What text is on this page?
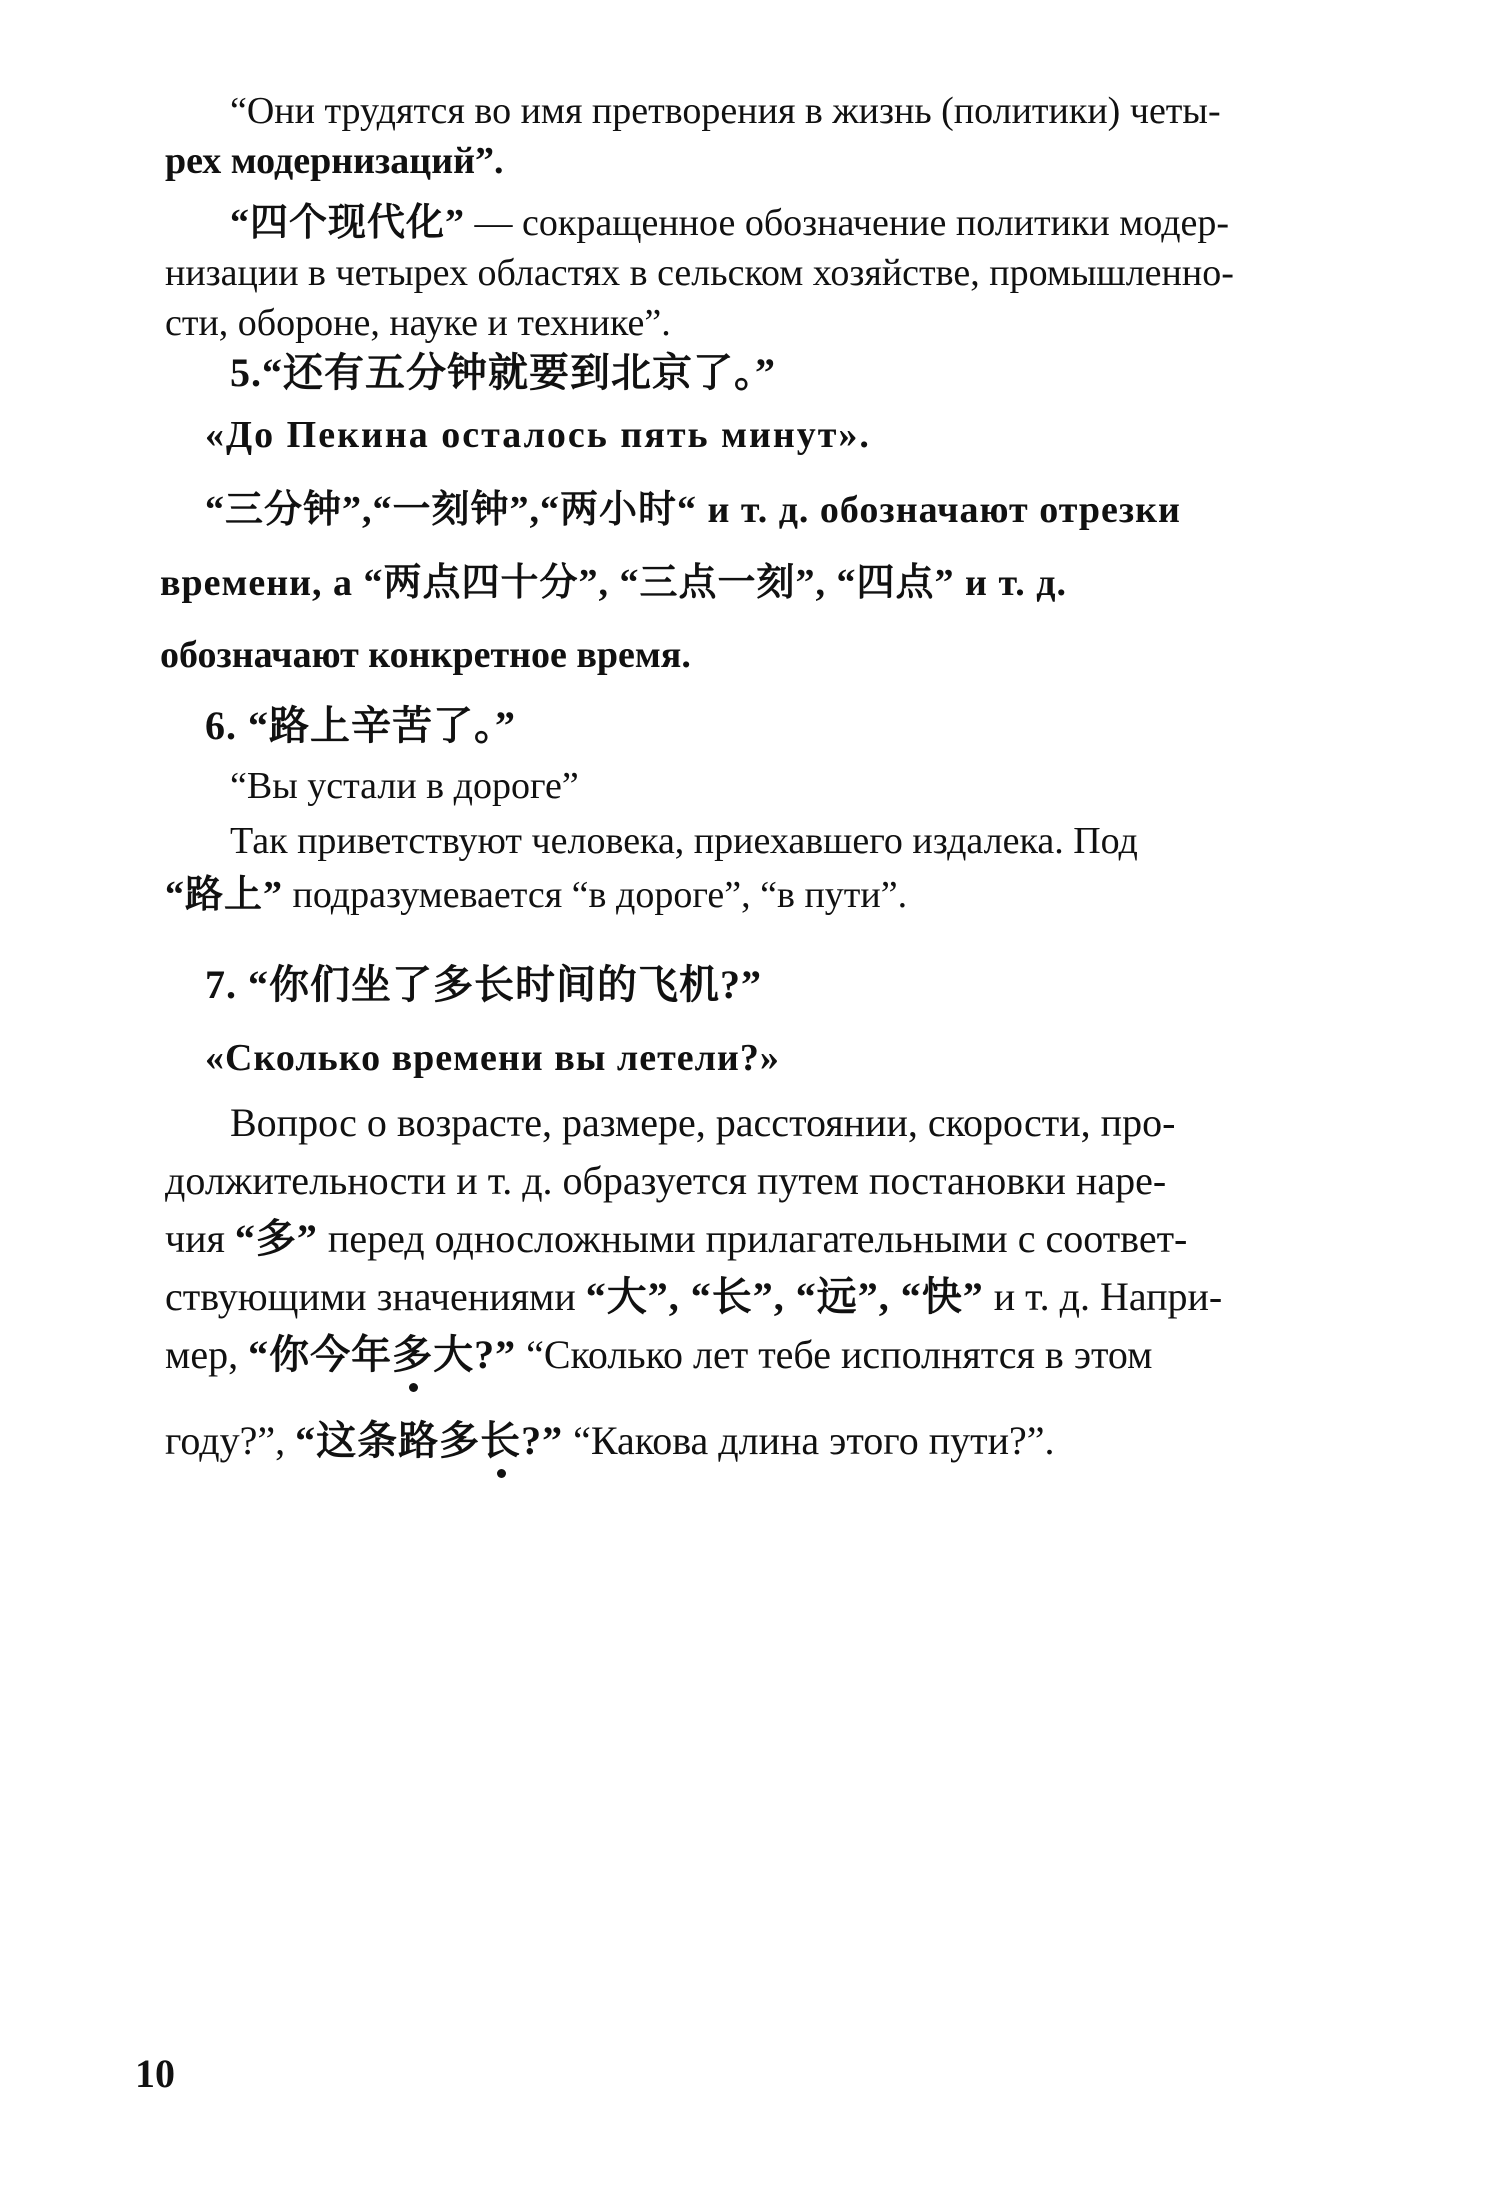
“Они трудятся во имя претворения в жизнь (политики) четы-
рех модернизаций”.
“四个现代化” — сокращенное обозначение политики модер-
низации в четырех областях в сельском хозяйстве, промышленно-
сти, обороне, науке и технике”.
5.“还有五分钟就要到北京了。”
«До Пекина осталось пять минут».
“三分钟”,“一刻钟”,“两小时“ и т. д. обозначают отрезки
времени, а “两点四十分”, “三点一刻”, “四点” и т. д.
обозначают конкретное время.
6. “路上辛苦了。”
“Вы устали в дороге”
Так приветствуют человека, приехавшего издалека. Под
“路上” подразумевается “в дороге”, “в пути”.
7. “你们坐了多长时间的飞机?”
«Сколько времени вы летели?»
Вопрос о возрасте, размере, расстоянии, скорости, про-
должительности и т. д. образуется путем постановки наре-
чия “多” перед односложными прилагательными с соответ-
ствующими значениями “大”, “长”, “远”, “快” и т. д. Напри-
мер, “你今年多大?” “Сколько лет тебе исполнятся в этом
году?”, “这条路多长?” “Какова длина этого пути?”.
10
